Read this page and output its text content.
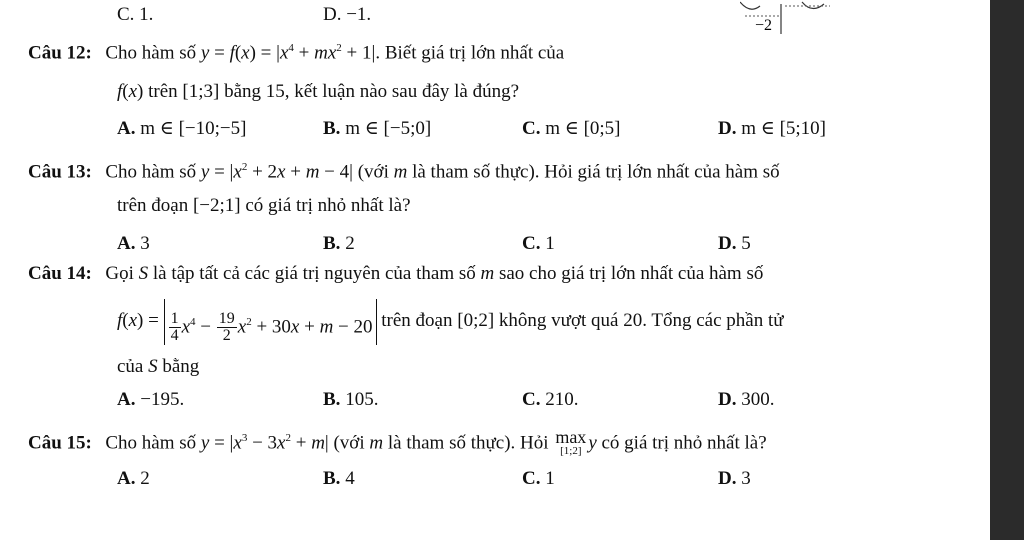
−2
C. 1.	D. −1.
Câu 12: Cho hàm số $y = f(x) = |x^4 + mx^2 + 1|$. Biết giá trị lớn nhất của
f(x) trên [1;3] bằng 15, kết luận nào sau đây là đúng?
A. m ∈ [−10;−5]	B. m ∈ [−5;0]	C. m ∈ [0;5]	D. m ∈ [5;10]
Câu 13: Cho hàm số $y = |x^2 + 2x + m - 4|$ (với m là tham số thực). Hỏi giá trị lớn nhất của hàm số
trên đoạn [−2;1] có giá trị nhỏ nhất là?
A. 3	B. 2	C. 1	D. 5
Câu 14: Gọi S là tập tất cả các giá trị nguyên của tham số m sao cho giá trị lớn nhất của hàm số
$f(x) = \frac{1}{4} x^4 - \frac{19}{2} x^2 + 30x + m - 20$ trên đoạn [0;2] không vượt quá 20. Tổng các phần tử
của S bằng
A. −195.	B. 105.	C. 210.	D. 300.
Câu 15: Cho hàm số $y = |x^3 - 3x^2 + m|$ (với m là tham số thực). Hỏi max
[1;2] y có giá trị nhỏ nhất là?
A. 2	B. 4	C. 1	D. 3
